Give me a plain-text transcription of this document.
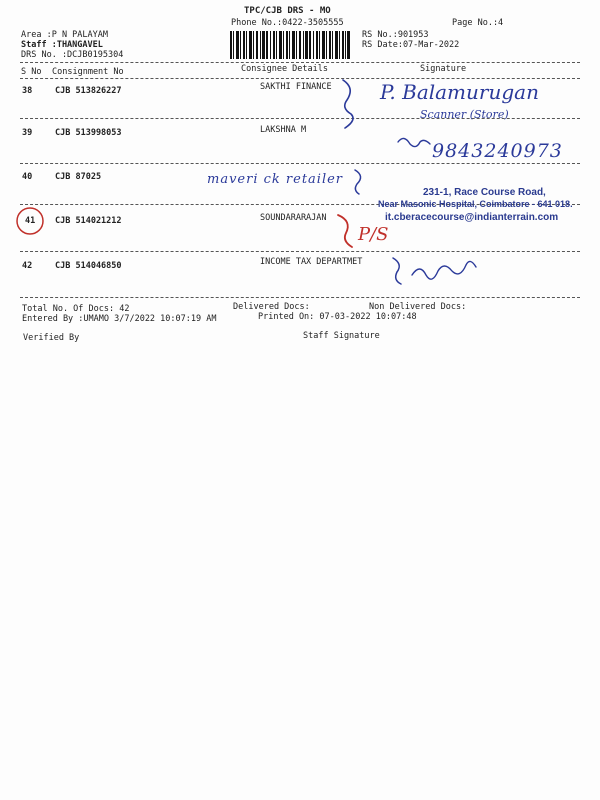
TPC/CJB DRS - MO
Phone No.:0422-3505555	Page No.:4
Area :P N PALAYAM
Staff :THANGAVEL
DRS No. :DCJB0195304
RS No.:901953
RS Date:07-Mar-2022
S No Consignment No	Consignee Details	Signature
38	CJB 513826227	SAKTHI FINANCE
39	CJB 513998053	LAKSHNA M
40	CJB 87025
41 CJB 514021212	SOUNDARARAJAN
42	CJB 514046850	INCOME TAX DEPARTMET
P. Balamurugan
Scanner (Store)
9843240973
maveri ck retailer
P/S
231-1, Race Course Road,
Near Masonic Hospital, Coimbatore - 641 018.
it.cberacecourse@indianterrain.com
Total No. Of Docs: 42	Delivered Docs:	Non Delivered Docs:
Entered By :UMAMO 3/7/2022 10:07:19 AM	Printed On: 07-03-2022 10:07:48
Verified By	Staff Signature
